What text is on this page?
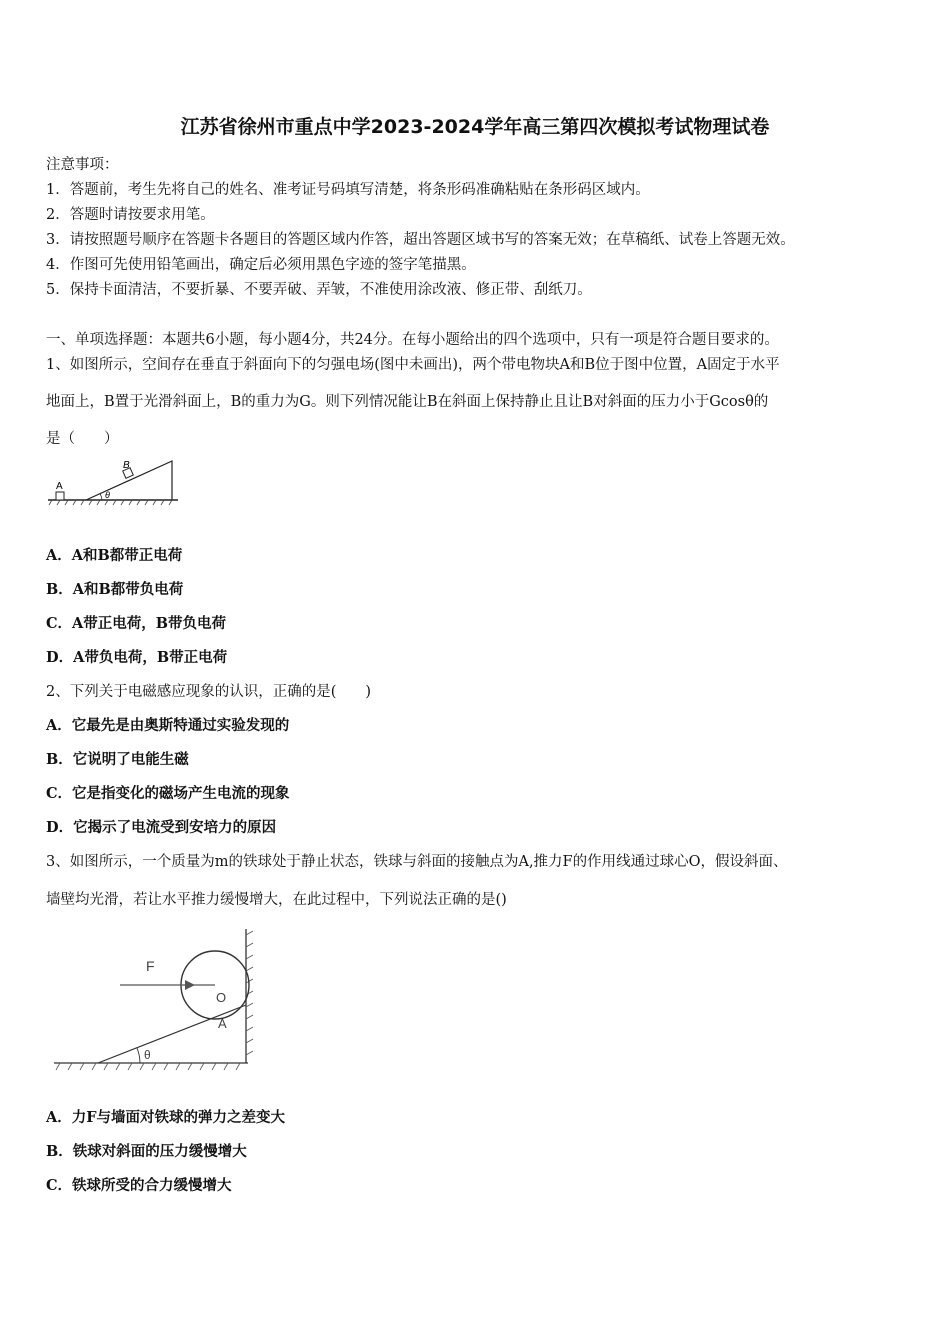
江苏省徐州市重点中学2023-2024学年高三第四次模拟考试物理试卷
注意事项：
1．答题前，考生先将自己的姓名、准考证号码填写清楚，将条形码准确粘贴在条形码区域内。
2．答题时请按要求用笔。
3．请按照题号顺序在答题卡各题目的答题区域内作答，超出答题区域书写的答案无效；在草稿纸、试卷上答题无效。
4．作图可先使用铅笔画出，确定后必须用黑色字迹的签字笔描黑。
5．保持卡面清洁，不要折暴、不要弄破、弄皱，不准使用涂改液、修正带、刮纸刀。
一、单项选择题：本题共6小题，每小题4分，共24分。在每小题给出的四个选项中，只有一项是符合题目要求的。
1、如图所示，空间存在垂直于斜面向下的匀强电场(图中未画出)，两个带电物块A和B位于图中位置，A固定于水平
地面上，B置于光滑斜面上，B的重力为G。则下列情况能让B在斜面上保持静止且让B对斜面的压力小于Gcosθ的
是（　　）
A
B
θ
A．A和B都带正电荷
B．A和B都带负电荷
C．A带正电荷，B带负电荷
D．A带负电荷，B带正电荷
2、下列关于电磁感应现象的认识，正确的是(　　)
A．它最先是由奥斯特通过实验发现的
B．它说明了电能生磁
C．它是指变化的磁场产生电流的现象
D．它揭示了电流受到安培力的原因
3、如图所示，一个质量为m的铁球处于静止状态，铁球与斜面的接触点为A,推力F的作用线通过球心O，假设斜面、
墙壁均光滑，若让水平推力缓慢增大，在此过程中，下列说法正确的是()
F
O
A
θ
A．力F与墙面对铁球的弹力之差变大
B．铁球对斜面的压力缓慢增大
C．铁球所受的合力缓慢增大
